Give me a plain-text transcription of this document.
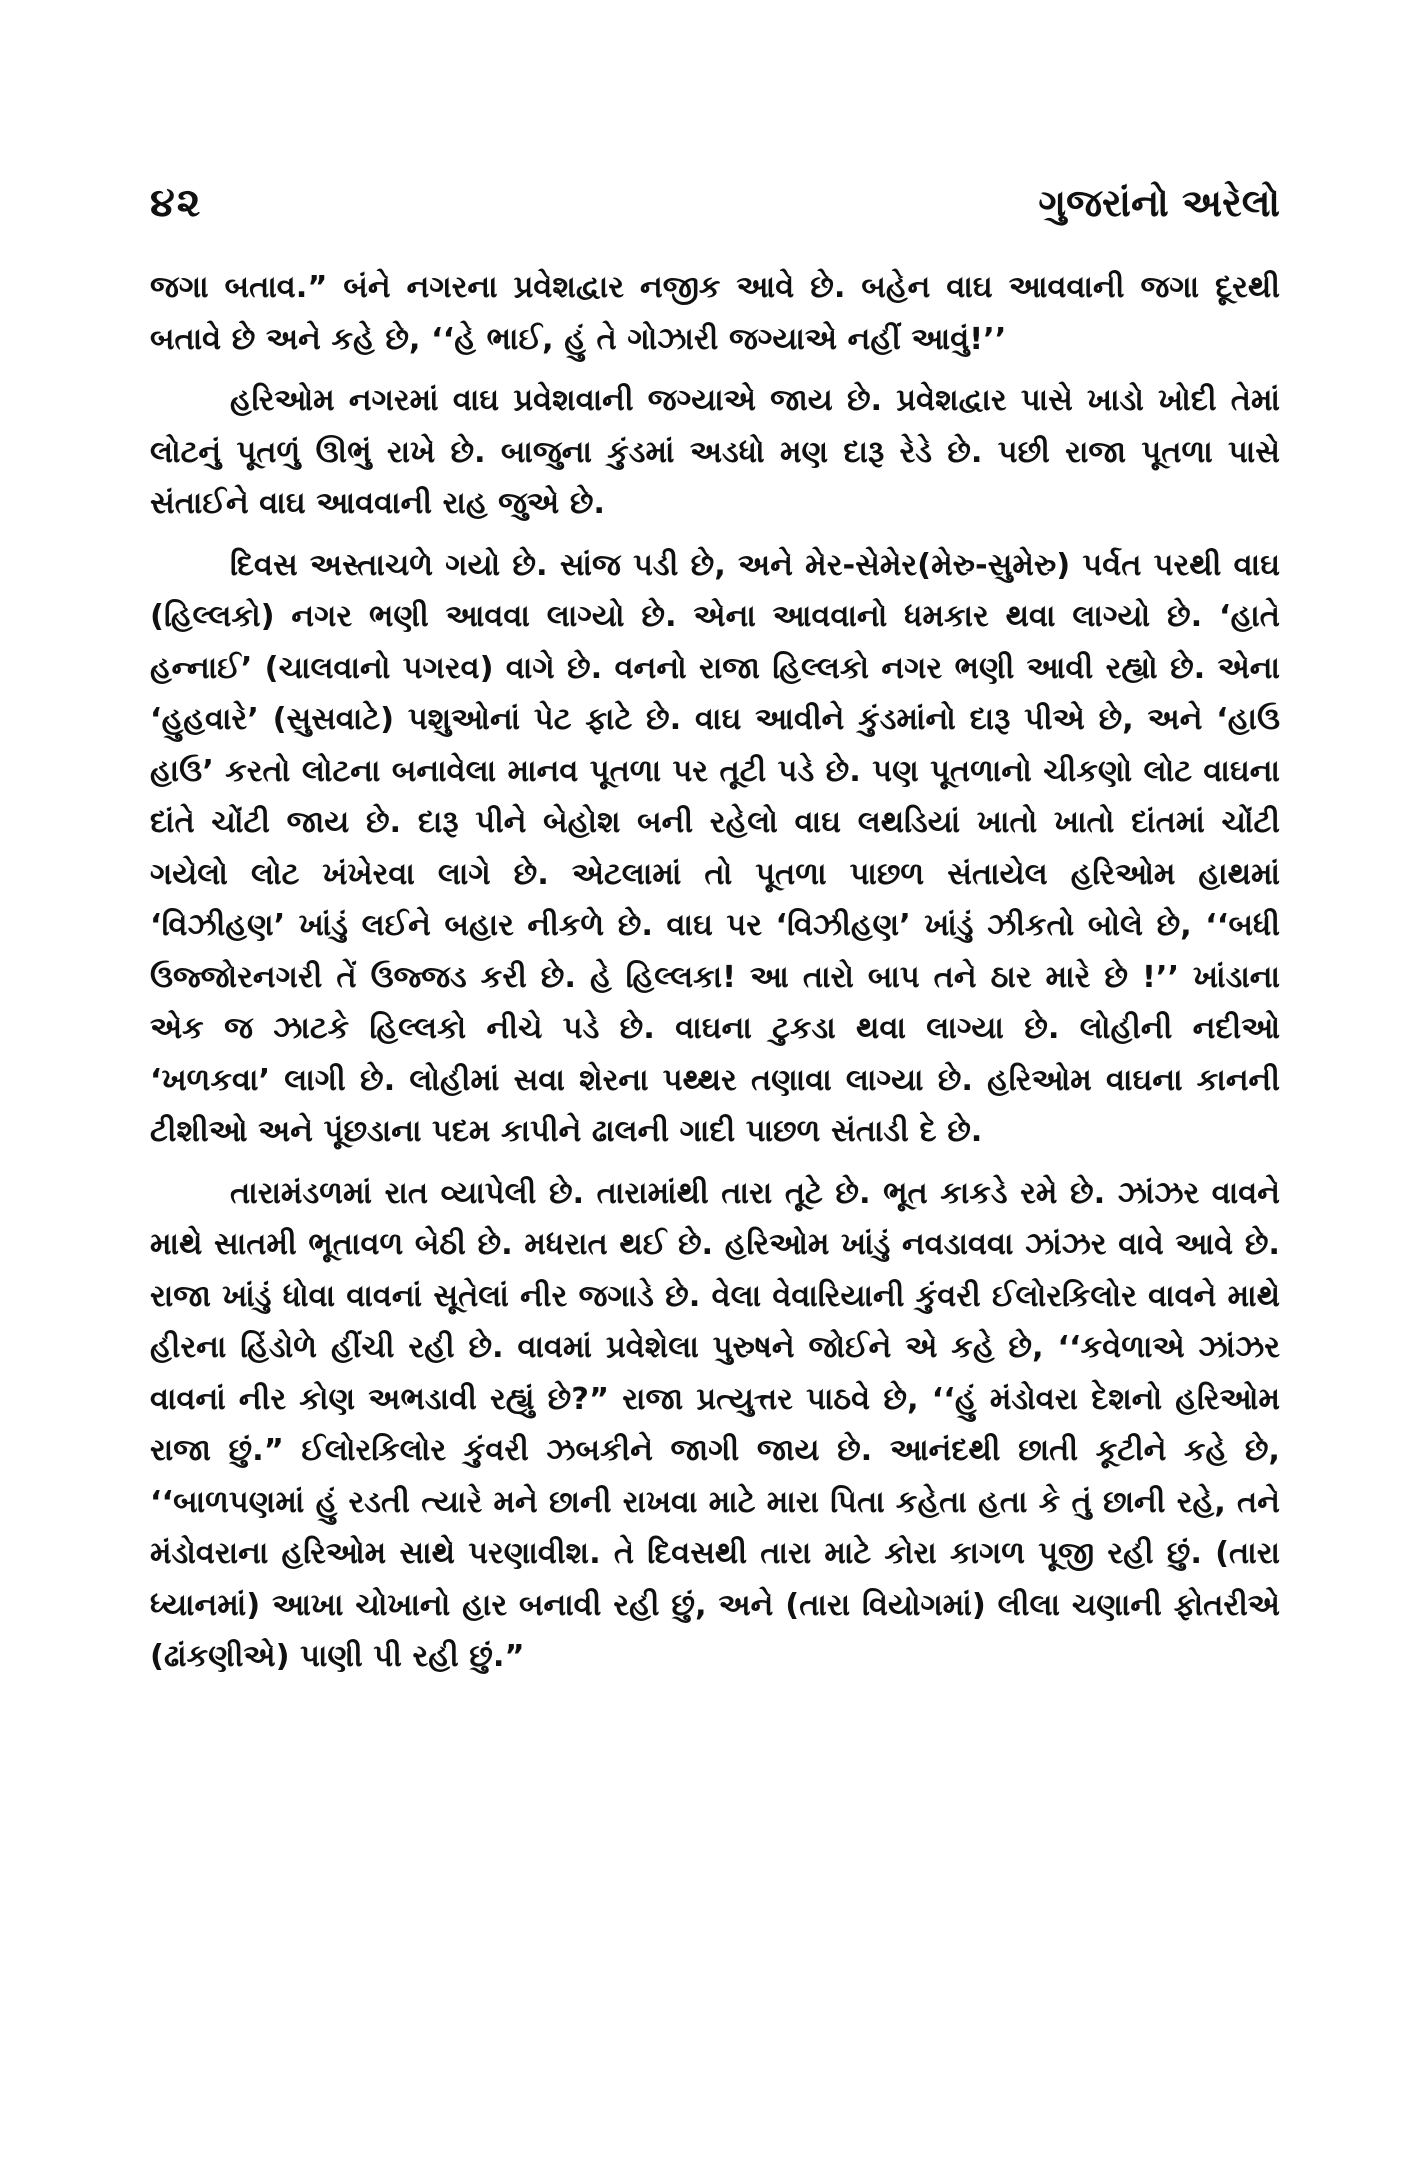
૪૨	ગુજરાંનો અરેલો

જગા બતાવ.” બંને નગરના પ્રવેશદ્વાર નજીક આવે છે. બહેન વાઘ આવવાની જગા દૂરથી બતાવે છે અને કહે છે, ‘‘હે ભાઈ, હું તે ગોઝારી જગ્યાએ નહીં આવું!’’

હરિઓમ નગરમાં વાઘ પ્રવેશવાની જગ્યાએ જાય છે. પ્રવેશદ્વાર પાસે ખાડો ખોદી તેમાં લોટનું પૂતળું ઊભું રાખે છે. બાજુના કુંડમાં અડધો મણ દારૂ રેડે છે. પછી રાજા પૂતળા પાસે સંતાઈને વાઘ આવવાની રાહ જુએ છે.

દિવસ અસ્તાચળે ગયો છે. સાંજ પડી છે, અને મેર-સેમેર(મેરુ-સુમેરુ) પર્વત પરથી વાઘ (હિલ્લકો) નગર ભણી આવવા લાગ્યો છે. એના આવવાનો ધમકાર થવા લાગ્યો છે. ‘હાતે હન્નાઈ’ (ચાલવાનો પગરવ) વાગે છે. વનનો રાજા હિલ્લકો નગર ભણી આવી રહ્યો છે. એના ‘હુહવારે’ (સુસવાટે) પશુઓનાં પેટ ફાટે છે. વાઘ આવીને કુંડમાંનો દારૂ પીએ છે, અને ‘હાઉ હાઉ’ કરતો લોટના બનાવેલા માનવ પૂતળા પર તૂટી પડે છે. પણ પૂતળાનો ચીકણો લોટ વાઘના દાંતે ચોંટી જાય છે. દારૂ પીને બેહોશ બની રહેલો વાઘ લથડિયાં ખાતો ખાતો દાંતમાં ચોંટી ગયેલો લોટ ખંખેરવા લાગે છે. એટલામાં તો પૂતળા પાછળ સંતાયેલ હરિઓમ હાથમાં ‘વિઝીહણ’ ખાંડું લઈને બહાર નીકળે છે. વાઘ પર ‘વિઝીહણ’ ખાંડું ઝીકતો બોલે છે, ‘‘બધી ઉજ્જોરનગરી તેં ઉજ્જડ કરી છે. હે હિલ્લકા! આ તારો બાપ તને ઠાર મારે છે !’’ ખાંડાના એક જ ઝાટકે હિલ્લકો નીચે પડે છે. વાઘના ટુકડા થવા લાગ્યા છે. લોહીની નદીઓ ‘ખળકવા’ લાગી છે. લોહીમાં સવા શેરના પથ્થર તણાવા લાગ્યા છે. હરિઓમ વાઘના કાનની ટીશીઓ અને પૂંછડાના પદમ કાપીને ઢાલની ગાદી પાછળ સંતાડી દે છે.

તારામંડળમાં રાત વ્યાપેલી છે. તારામાંથી તારા તૂટે છે. ભૂત કાકડે રમે છે. ઝાંઝર વાવને માથે સાતમી ભૂતાવળ બેઠી છે. મધરાત થઈ છે. હરિઓમ ખાંડું નવડાવવા ઝાંઝર વાવે આવે છે. રાજા ખાંડું ધોવા વાવનાં સૂતેલાં નીર જગાડે છે. વેલા વેવારિયાની કુંવરી ઈલોરકિલોર વાવને માથે હીરના હિંડોળે હીંચી રહી છે. વાવમાં પ્રવેશેલા પુરુષને જોઈને એ કહે છે, ‘‘કવેળાએ ઝાંઝર વાવનાં નીર કોણ અભડાવી રહ્યું છે?” રાજા પ્રત્યુત્તર પાઠવે છે, ‘‘હું મંડોવરા દેશનો હરિઓમ રાજા છું.” ઈલોરકિલોર કુંવરી ઝબકીને જાગી જાય છે. આનંદથી છાતી કૂટીને કહે છે, ‘‘બાળપણમાં હું રડતી ત્યારે મને છાની રાખવા માટે મારા પિતા કહેતા હતા કે તું છાની રહે, તને મંડોવરાના હરિઓમ સાથે પરણાવીશ. તે દિવસથી તારા માટે કોરા કાગળ પૂજી રહી છું. (તારા ધ્યાનમાં) આખા ચોખાનો હાર બનાવી રહી છું, અને (તારા વિયોગમાં) લીલા ચણાની ફોતરીએ (ઢાંકણીએ) પાણી પી રહી છું.”
